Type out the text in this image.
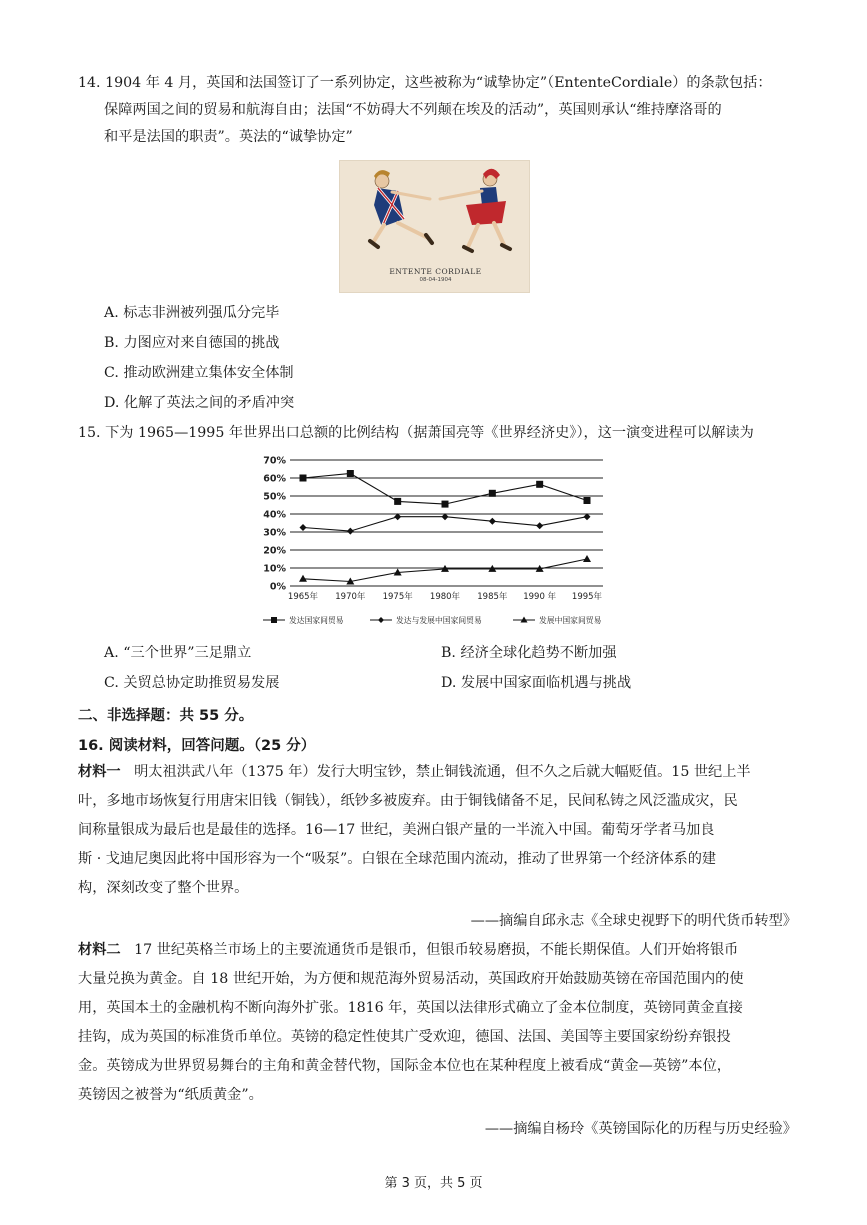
14. 1904 年 4 月，英国和法国签订了一系列协定，这些被称为“诚挚协定”（EntenteCordiale）的条款包括：
保障两国之间的贸易和航海自由；法国“不妨碍大不列颠在埃及的活动”，英国则承认“维持摩洛哥的
和平是法国的职责”。英法的“诚挚协定”
ENTENTE CORDIALE
08-04-1904
A. 标志非洲被列强瓜分完毕
B. 力图应对来自德国的挑战
C. 推动欧洲建立集体安全体制
D. 化解了英法之间的矛盾冲突
15. 下为 1965—1995 年世界出口总额的比例结构（据萧国亮等《世界经济史》），这一演变进程可以解读为
0%
10%
20%
30%
40%
50%
60%
70%
1965年 1970年 1975年 1980年 1985年 1990 年 1995年
发达国家间贸易	发达与发展中国家间贸易	发展中国家间贸易
A. “三个世界”三足鼎立	B. 经济全球化趋势不断加强
C. 关贸总协定助推贸易发展	D. 发展中国家面临机遇与挑战
二、非选择题：共 55 分。
16. 阅读材料，回答问题。（25 分）
材料一 明太祖洪武八年（1375 年）发行大明宝钞，禁止铜钱流通，但不久之后就大幅贬值。15 世纪上半
叶，多地市场恢复行用唐宋旧钱（铜钱），纸钞多被废弃。由于铜钱储备不足，民间私铸之风泛滥成灾，民
间称量银成为最后也是最佳的选择。16—17 世纪，美洲白银产量的一半流入中国。葡萄牙学者马加良
斯 · 戈迪尼奥因此将中国形容为一个“吸泵”。白银在全球范围内流动，推动了世界第一个经济体系的建
构，深刻改变了整个世界。
——摘编自邱永志《全球史视野下的明代货币转型》
材料二 17 世纪英格兰市场上的主要流通货币是银币，但银币较易磨损，不能长期保值。人们开始将银币
大量兑换为黄金。自 18 世纪开始，为方便和规范海外贸易活动，英国政府开始鼓励英镑在帝国范围内的使
用，英国本土的金融机构不断向海外扩张。1816 年，英国以法律形式确立了金本位制度，英镑同黄金直接
挂钩，成为英国的标准货币单位。英镑的稳定性使其广受欢迎，德国、法国、美国等主要国家纷纷弃银投
金。英镑成为世界贸易舞台的主角和黄金替代物，国际金本位也在某种程度上被看成“黄金—英镑”本位，
英镑因之被誉为“纸质黄金”。
——摘编自杨玲《英镑国际化的历程与历史经验》
第 3 页，共 5 页
